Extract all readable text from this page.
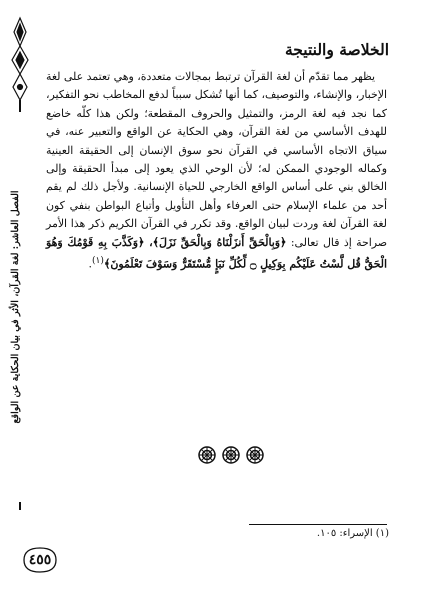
الفصل العاشر: لغة القرآن، الأثر في بيان الحكاية عن الواقع
٤٥٥
الخلاصة والنتيجة

يظهر مما تقدّم أن لغة القرآن ترتبط بمجالات متعددة، وهي تعتمد على لغة الإخبار، والإنشاء، والتوصيف، كما أنها تُشكل سبباً لدفع المخاطب نحو التفكير، كما نجد فيه لغة الرمز، والتمثيل والحروف المقطعة؛ ولكن هذا كلّه خاضع للهدف الأساسي من لغة القرآن، وهي الحكاية عن الواقع والتعبير عنه، في سياق الاتجاه الأساسي في القرآن نحو سوق الإنسان إلى الحقيقة العينية وكماله الوجودي الممكن له؛ لأن الوحي الذي يعود إلى مبدأ الحقيقة وإلى الخالق بني على أساس الواقع الخارجي للحياة الإنسانية. ولأجل ذلك لم يقم أحد من علماء الإسلام حتى العرفاء وأهل التأويل وأتباع البواطن بنفي كون لغة القرآن لغة وردت لبيان الواقع. وقد تكرر في القرآن الكريم ذكر هذا الأمر صراحة إذ قال تعالى: ﴿وَبِالْحَقِّ أَنزَلْنَاهُ وَبِالْحَقِّ نَزَلَ﴾، ﴿وَكَذَّبَ بِهِ قَوْمُكَ وَهُوَ الْحَقُّ قُل لَّسْتُ عَلَيْكُم بِوَكِيلٍ ۝ لِّكُلِّ نَبَإٍ مُّسْتَقَرٌّ وَسَوْفَ تَعْلَمُونَ﴾$^{(١)}$.

(١) الإسراء: ١٠٥.
